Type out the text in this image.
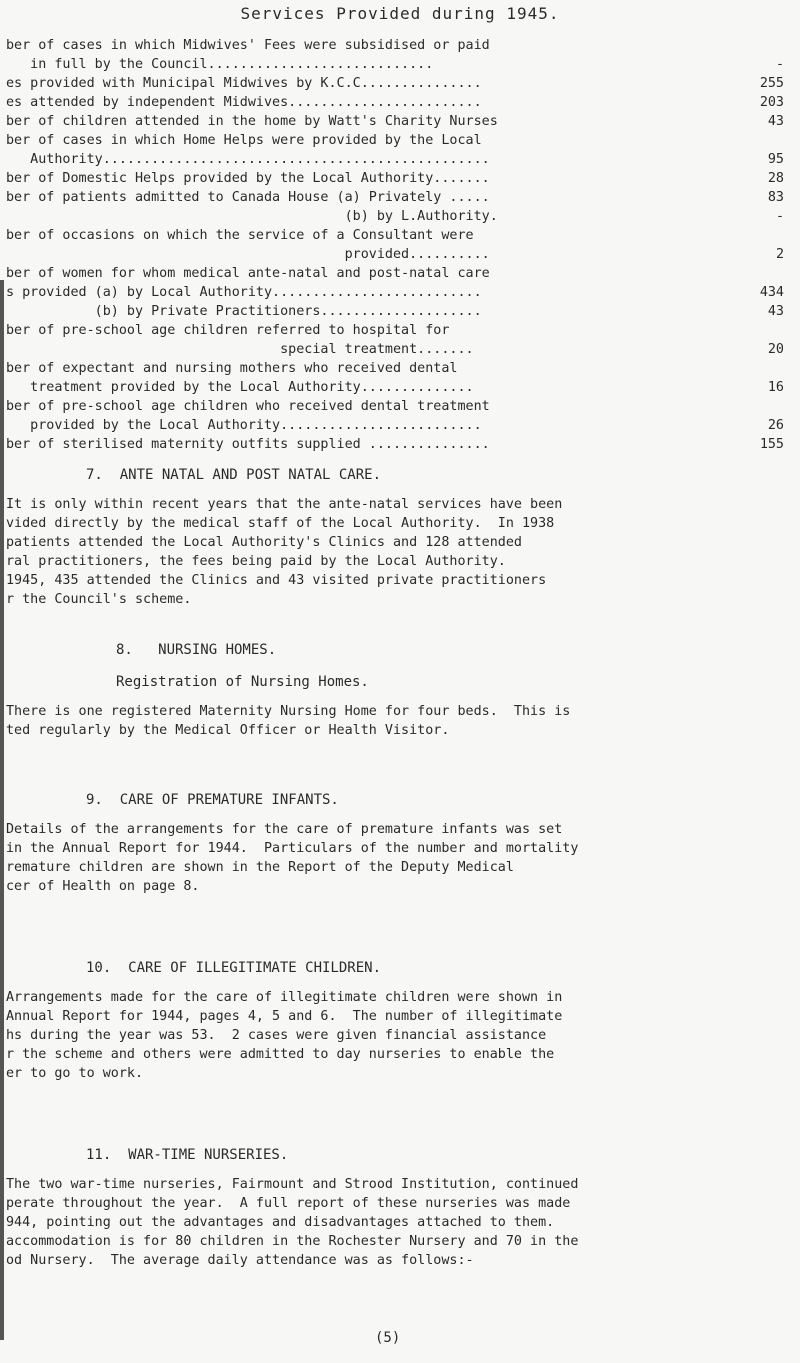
Services Provided during 1945.
ber of cases in which Midwives' Fees were subsidised or paid
in full by the Council............................	-
es provided with Municipal Midwives by K.C.C...............	255
es attended by independent Midwives........................	203
ber of children attended in the home by Watt's Charity Nurses	43
ber of cases in which Home Helps were provided by the Local
Authority................................................	95
ber of Domestic Helps provided by the Local Authority.......	28
ber of patients admitted to Canada House (a) Privately .....	83
(b) by L.Authority.	-
ber of occasions on which the service of a Consultant were
provided..........	2
ber of women for whom medical ante-natal and post-natal care
s provided (a) by Local Authority..........................	434
(b) by Private Practitioners....................	43
ber of pre-school age children referred to hospital for
special treatment.......	20
ber of expectant and nursing mothers who received dental
treatment provided by the Local Authority..............	16
ber of pre-school age children who received dental treatment
provided by the Local Authority.........................	26
ber of sterilised maternity outfits supplied ...............	155
7.  ANTE NATAL AND POST NATAL CARE.
It is only within recent years that the ante-natal services have been
vided directly by the medical staff of the Local Authority.  In 1938
patients attended the Local Authority's Clinics and 128 attended
ral practitioners, the fees being paid by the Local Authority.
1945, 435 attended the Clinics and 43 visited private practitioners
r the Council's scheme.
8.   NURSING HOMES.
Registration of Nursing Homes.
There is one registered Maternity Nursing Home for four beds.  This is
ted regularly by the Medical Officer or Health Visitor.
9.  CARE OF PREMATURE INFANTS.
Details of the arrangements for the care of premature infants was set
in the Annual Report for 1944.  Particulars of the number and mortality
remature children are shown in the Report of the Deputy Medical
cer of Health on page 8.
10.  CARE OF ILLEGITIMATE CHILDREN.
Arrangements made for the care of illegitimate children were shown in
Annual Report for 1944, pages 4, 5 and 6.  The number of illegitimate
hs during the year was 53.  2 cases were given financial assistance
r the scheme and others were admitted to day nurseries to enable the
er to go to work.
11.  WAR-TIME NURSERIES.
The two war-time nurseries, Fairmount and Strood Institution, continued
perate throughout the year.  A full report of these nurseries was made
944, pointing out the advantages and disadvantages attached to them.
accommodation is for 80 children in the Rochester Nursery and 70 in the
od Nursery.  The average daily attendance was as follows:-
(5)
